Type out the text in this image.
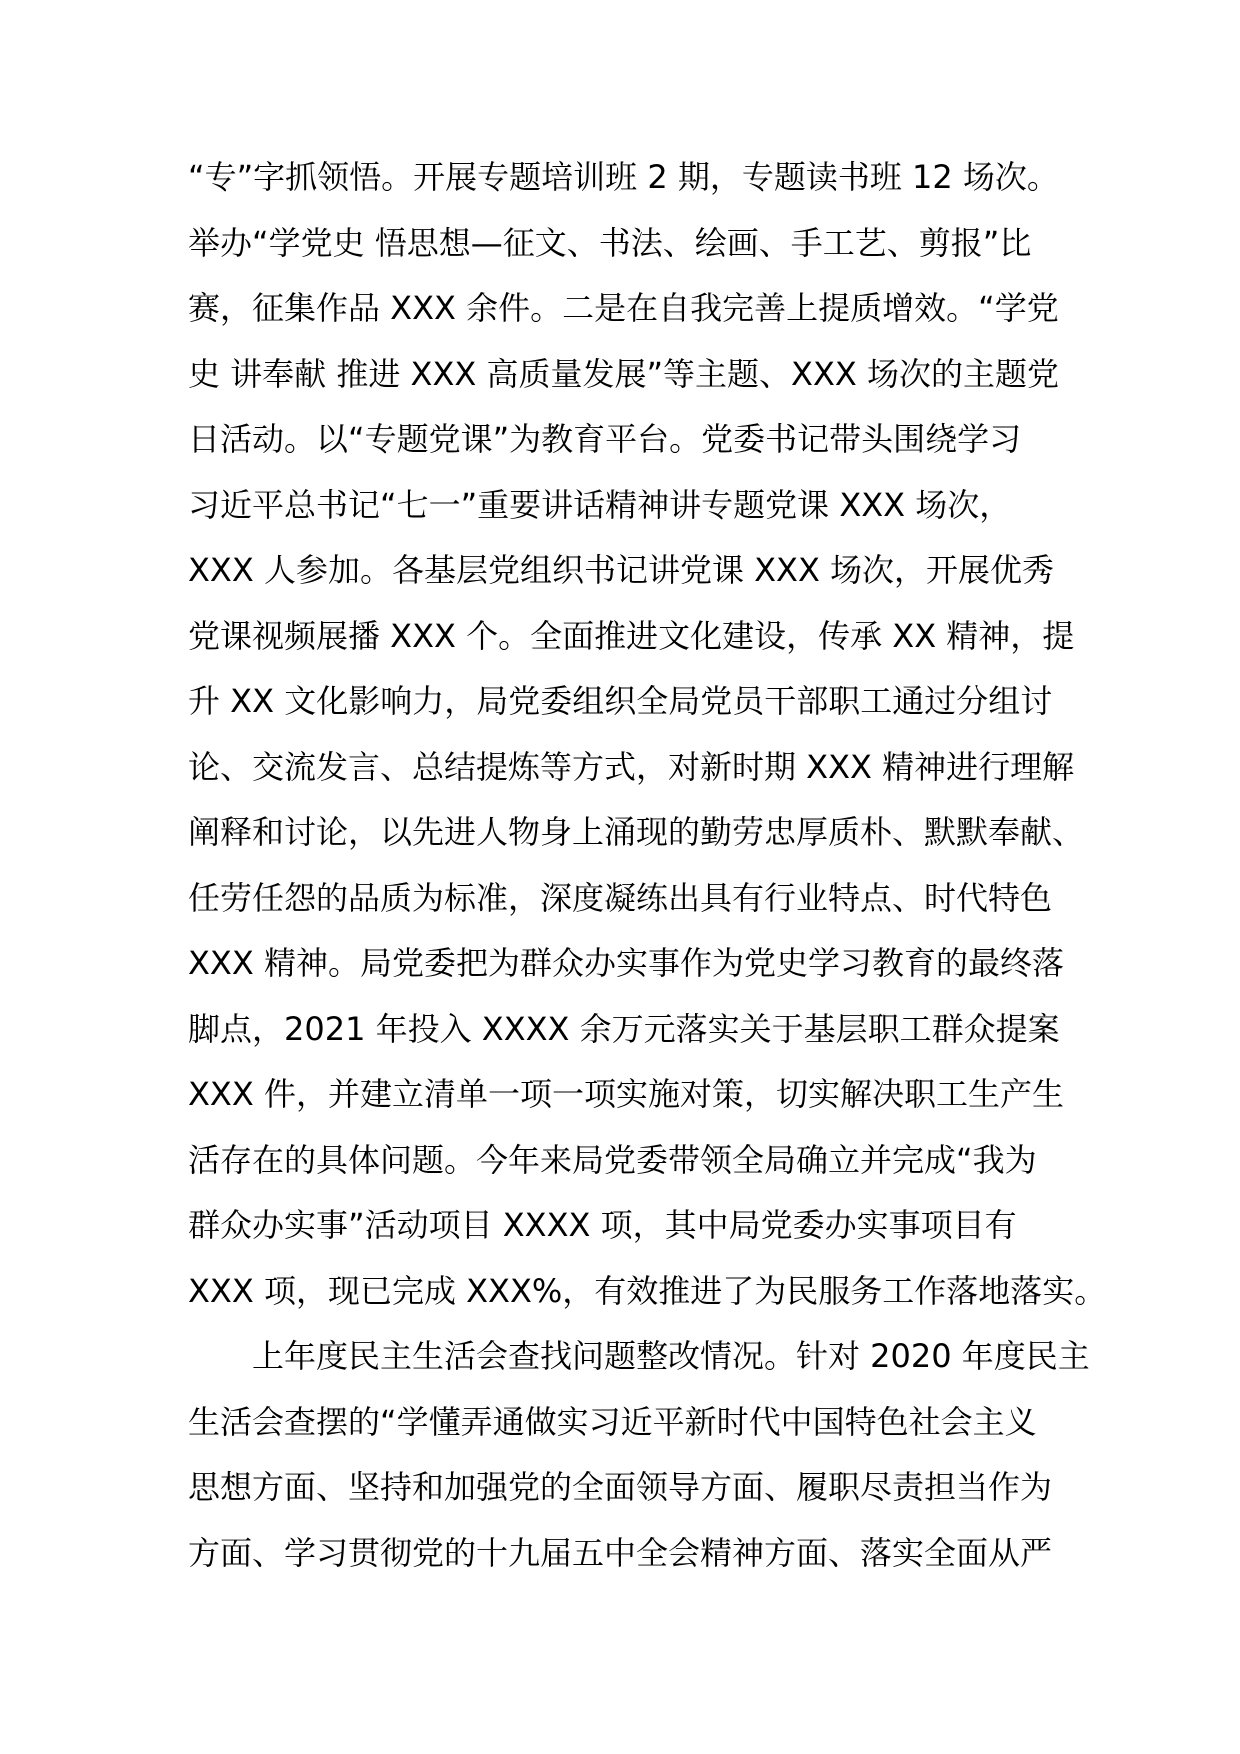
“专”字抓领悟。开展专题培训班 2 期，专题读书班 12 场次。
举办“学党史 悟思想—征文、书法、绘画、手工艺、剪报”比
赛，征集作品 XXX 余件。二是在自我完善上提质增效。“学党
史 讲奉献 推进 XXX 高质量发展”等主题、XXX 场次的主题党
日活动。以“专题党课”为教育平台。党委书记带头围绕学习
习近平总书记“七一”重要讲话精神讲专题党课 XXX 场次，
XXX 人参加。各基层党组织书记讲党课 XXX 场次，开展优秀
党课视频展播 XXX 个。全面推进文化建设，传承 XX 精神，提
升 XX 文化影响力，局党委组织全局党员干部职工通过分组讨
论、交流发言、总结提炼等方式，对新时期 XXX 精神进行理解
阐释和讨论，以先进人物身上涌现的勤劳忠厚质朴、默默奉献、
任劳任怨的品质为标准，深度凝练出具有行业特点、时代特色
XXX 精神。局党委把为群众办实事作为党史学习教育的最终落
脚点，2021 年投入 XXXX 余万元落实关于基层职工群众提案
XXX 件，并建立清单一项一项实施对策，切实解决职工生产生
活存在的具体问题。今年来局党委带领全局确立并完成“我为
群众办实事”活动项目 XXXX 项，其中局党委办实事项目有
XXX 项，现已完成 XXX%，有效推进了为民服务工作落地落实。
上年度民主生活会查找问题整改情况。针对 2020 年度民主
生活会查摆的“学懂弄通做实习近平新时代中国特色社会主义
思想方面、坚持和加强党的全面领导方面、履职尽责担当作为
方面、学习贯彻党的十九届五中全会精神方面、落实全面从严
